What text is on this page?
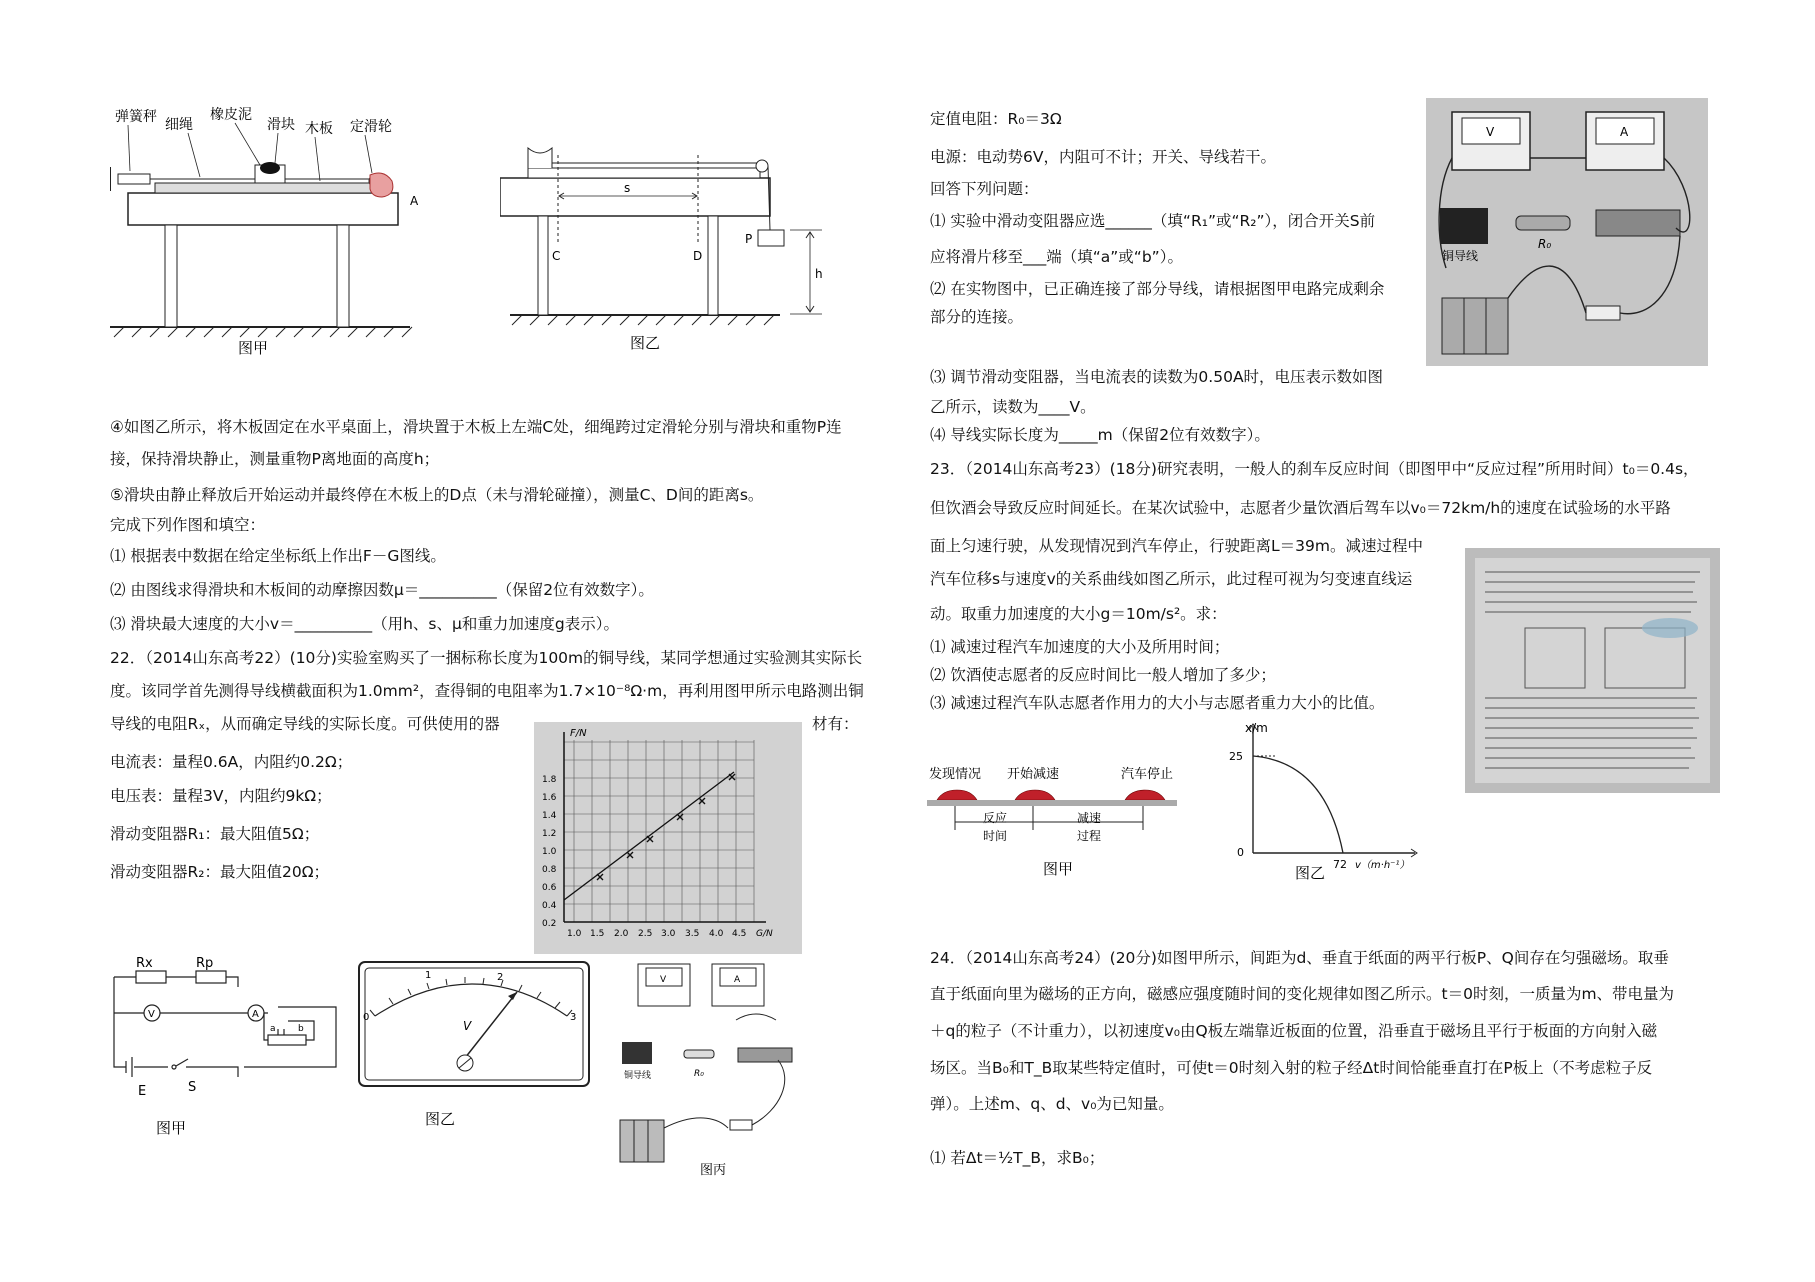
弹簧秤 细绳
橡皮泥
滑块 木板 定滑轮
A
图甲
C
s
D
P
h
图乙
④如图乙所示，将木板固定在水平桌面上，滑块置于木板上左端C处，细绳跨过定滑轮分别与滑块和重物P连
接，保持滑块静止，测量重物P离地面的高度h；
⑤滑块由静止释放后开始运动并最终停在木板上的D点（未与滑轮碰撞），测量C、D间的距离s。
完成下列作图和填空：
⑴ 根据表中数据在给定坐标纸上作出F－G图线。
⑵ 由图线求得滑块和木板间的动摩擦因数μ＝__________（保留2位有效数字）。
⑶ 滑块最大速度的大小v＝__________（用h、s、μ和重力加速度g表示）。
22．（2014山东高考22）(10分)实验室购买了一捆标称长度为100m的铜导线，某同学想通过实验测其实际长
度。该同学首先测得导线横截面积为1.0mm²，查得铜的电阻率为1.7×10⁻⁸Ω·m，再利用图甲所示电路测出铜
导线的电阻Rₓ，从而确定导线的实际长度。可供使用的器	材有：
电流表：量程0.6A，内阻约0.2Ω；
电压表：量程3V，内阻约9kΩ；
滑动变阻器R₁：最大阻值5Ω；
滑动变阻器R₂：最大阻值20Ω；
F/N
0.2
0.4
0.6
0.8
1.0
1.2
1.4
1.6
1.8
1.0 1.5 2.0 2.5 3.0 3.5 4.0 4.5 G/N
Rx	Rp
V	A
a b
E	S
图甲
0
1	2
3
V
图乙
V	A
铜导线	R₀
图丙
定值电阻：R₀＝3Ω
电源：电动势6V，内阻可不计；开关、导线若干。
回答下列问题：
⑴ 实验中滑动变阻器应选______（填“R₁”或“R₂”），闭合开关S前
应将滑片移至___端（填“a”或“b”）。
⑵ 在实物图中，已正确连接了部分导线，请根据图甲电路完成剩余
部分的连接。
⑶ 调节滑动变阻器，当电流表的读数为0.50A时，电压表示数如图
乙所示，读数为____V。
⑷ 导线实际长度为_____m（保留2位有效数字）。
23．（2014山东高考23）(18分)研究表明，一般人的刹车反应时间（即图甲中“反应过程”所用时间）t₀＝0.4s，
但饮酒会导致反应时间延长。在某次试验中，志愿者少量饮酒后驾车以v₀＝72km/h的速度在试验场的水平路
面上匀速行驶，从发现情况到汽车停止，行驶距离L＝39m。减速过程中
汽车位移s与速度v的关系曲线如图乙所示，此过程可视为匀变速直线运
动。取重力加速度的大小g＝10m/s²。求：
⑴ 减速过程汽车加速度的大小及所用时间；
⑵ 饮酒使志愿者的反应时间比一般人增加了多少；
⑶ 减速过程汽车队志愿者作用力的大小与志愿者重力大小的比值。
V	A
铜导线
R₀
发现情况 开始减速	汽车停止
反应
时间
减速
过程
图甲
x/m
25
0
72 v（m·h⁻¹）
图乙
24．（2014山东高考24）(20分)如图甲所示，间距为d、垂直于纸面的两平行板P、Q间存在匀强磁场。取垂
直于纸面向里为磁场的正方向，磁感应强度随时间的变化规律如图乙所示。t＝0时刻，一质量为m、带电量为
＋q的粒子（不计重力），以初速度v₀由Q板左端靠近板面的位置，沿垂直于磁场且平行于板面的方向射入磁
场区。当B₀和T_B取某些特定值时，可使t＝0时刻入射的粒子经Δt时间恰能垂直打在P板上（不考虑粒子反
弹）。上述m、q、d、v₀为已知量。
⑴ 若Δt＝½T_B，求B₀；
